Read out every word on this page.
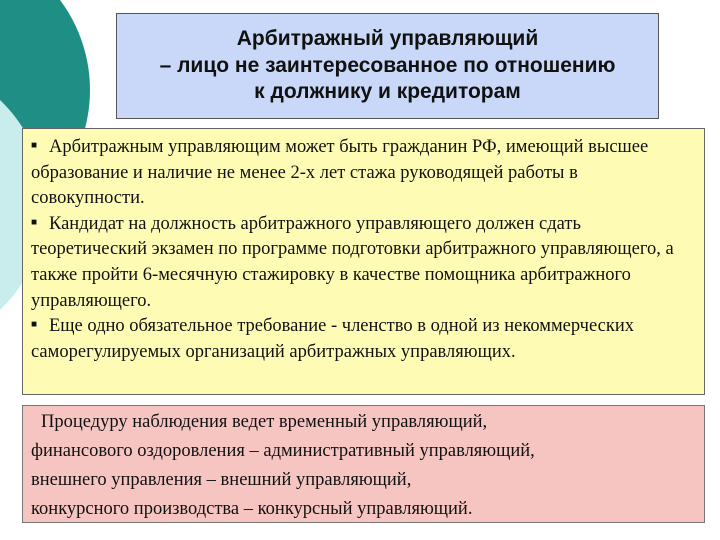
Арбитражный управляющий
– лицо не заинтересованное по отношению
к должнику и кредиторам

■ Арбитражным управляющим может быть гражданин РФ, имеющий высшее образование и наличие не менее 2-х лет стажа руководящей работы в совокупности.

■ Кандидат на должность арбитражного управляющего должен сдать теоретический экзамен по программе подготовки арбитражного управляющего, а также пройти 6-месячную стажировку в качестве помощника арбитражного управляющего.

■ Еще одно обязательное требование - членство в одной из некоммерческих саморегулируемых организаций арбитражных управляющих.

Процедуру наблюдения ведет временный управляющий,
финансового оздоровления – административный управляющий,
внешнего управления – внешний управляющий,
конкурсного производства – конкурсный управляющий.
